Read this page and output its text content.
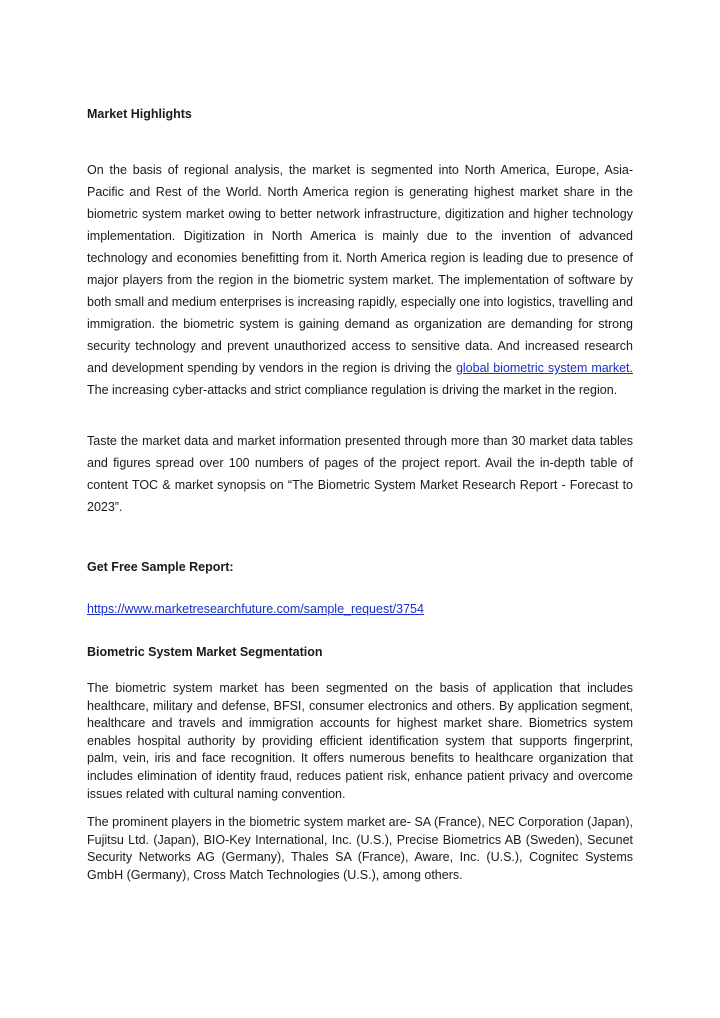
Market Highlights

On the basis of regional analysis, the market is segmented into North America, Europe, Asia-Pacific and Rest of the World. North America region is generating highest market share in the biometric system market owing to better network infrastructure, digitization and higher technology implementation. Digitization in North America is mainly due to the invention of advanced technology and economies benefitting from it. North America region is leading due to presence of major players from the region in the biometric system market. The implementation of software by both small and medium enterprises is increasing rapidly, especially one into logistics, travelling and immigration. the biometric system is gaining demand as organization are demanding for strong security technology and prevent unauthorized access to sensitive data. And increased research and development spending by vendors in the region is driving the global biometric system market. The increasing cyber-attacks and strict compliance regulation is driving the market in the region.

Taste the market data and market information presented through more than 30 market data tables and figures spread over 100 numbers of pages of the project report. Avail the in-depth table of content TOC & market synopsis on “The Biometric System Market Research Report - Forecast to 2023”.

Get Free Sample Report:
https://www.marketresearchfuture.com/sample_request/3754
Biometric System Market Segmentation

The biometric system market has been segmented on the basis of application that includes healthcare, military and defense, BFSI, consumer electronics and others. By application segment, healthcare and travels and immigration accounts for highest market share. Biometrics system enables hospital authority by providing efficient identification system that supports fingerprint, palm, vein, iris and face recognition. It offers numerous benefits to healthcare organization that includes elimination of identity fraud, reduces patient risk, enhance patient privacy and overcome issues related with cultural naming convention.

The prominent players in the biometric system market are- SA (France), NEC Corporation (Japan), Fujitsu Ltd. (Japan), BIO-Key International, Inc. (U.S.), Precise Biometrics AB (Sweden), Secunet Security Networks AG (Germany), Thales SA (France), Aware, Inc. (U.S.), Cognitec Systems GmbH (Germany), Cross Match Technologies (U.S.), among others.
